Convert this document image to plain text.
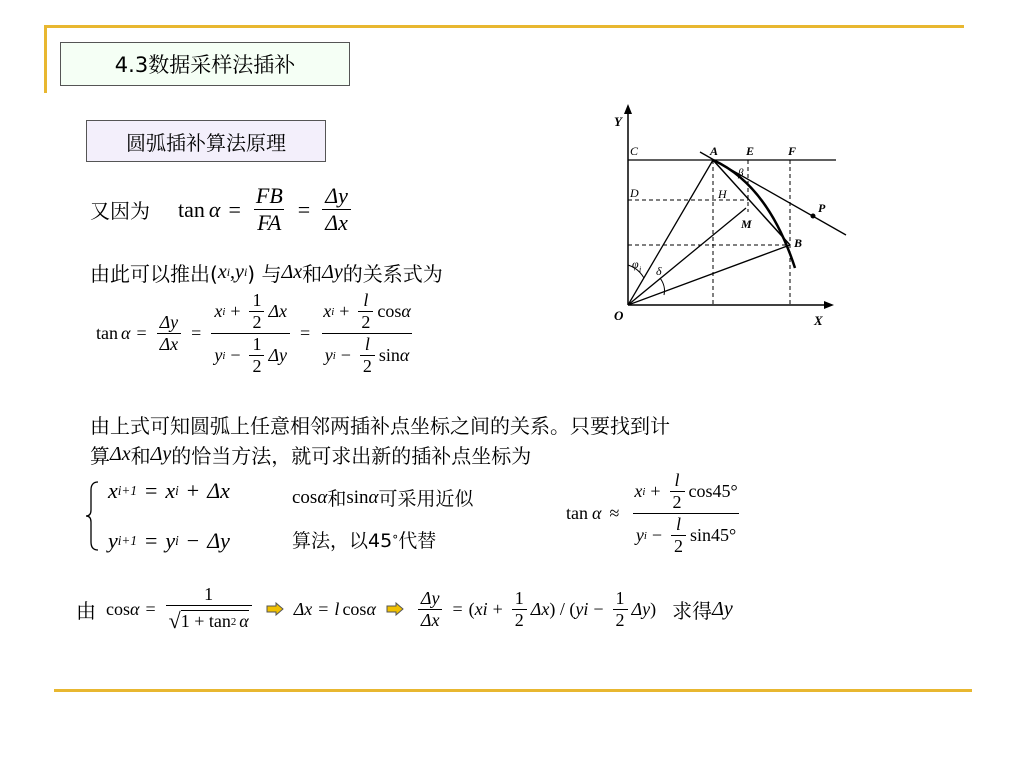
4.3数据采样法插补
圆弧插补算法原理
又因为 $\tan \alpha = \frac{FB}{FA} = \frac{\Delta y}{\Delta x}$
由此可以推出( x i , y i ) 与 Δx 和 Δy 的关系式为
$\tan \alpha = \frac{\Delta y}{\Delta x} = \frac{x i + \frac{1}{2} \Delta x}{y i - \frac{1}{2} \Delta y} = \frac{x i + \frac{l}{2} \cos \alpha}{y i - \frac{l}{2} \sin \alpha}$
由上式可知圆弧上任意相邻两插补点坐标之间的关系。只要找到计
算 Δx 和 Δy 的恰当方法，就可求出新的插补点坐标为
x i+1 = x i + Δx
y i+1 = y i − Δy
cos α 和 sin α 可采用近似
算法，以45 ° 代替
$\tan \alpha \approx \frac{x i + \frac{l}{2} \cos 45^\circ}{y i - \frac{l}{2} \sin 45^\circ}$
由 $\cos \alpha = \frac{1}{√ 1 + \tan 2 \alpha}$ Δx = l cos α $\frac{\Delta y}{\Delta x}$ = ( x $i + \frac{1}{2}$ Δx ) / ( y $i - \frac{1}{2}$ Δy ) 求得 Δy
Y
X
O
C
D
A E	F
H
M
B
P
β
δ
φ i
